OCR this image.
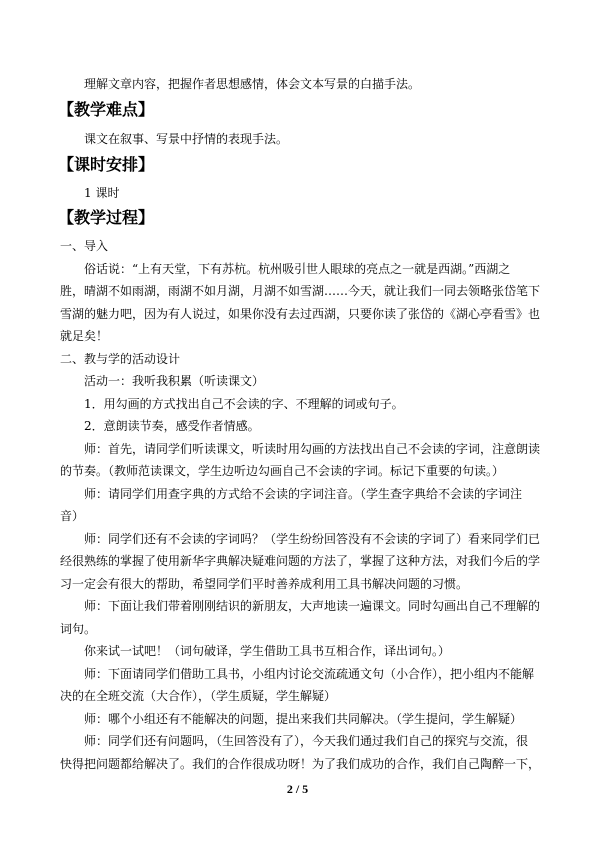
理解文章内容，把握作者思想感情，体会文本写景的白描手法。
【教学难点】
课文在叙事、写景中抒情的表现手法。
【课时安排】
1 课时
【教学过程】
一、导入
俗话说：“上有天堂，下有苏杭。杭州吸引世人眼球的亮点之一就是西湖。”西湖之
胜，晴湖不如雨湖，雨湖不如月湖，月湖不如雪湖……今天，就让我们一同去领略张岱笔下
雪湖的魅力吧，因为有人说过，如果你没有去过西湖，只要你读了张岱的《湖心亭看雪》也
就足矣！
二、教与学的活动设计
活动一：我听我积累（听读课文）
1．用勾画的方式找出自己不会读的字、不理解的词或句子。
2．意朗读节奏，感受作者情感。
师：首先，请同学们听读课文，听读时用勾画的方法找出自己不会读的字词，注意朗读
的节奏。（教师范读课文，学生边听边勾画自己不会读的字词。标记下重要的句读。）
师：请同学们用查字典的方式给不会读的字词注音。（学生查字典给不会读的字词注
音）
师：同学们还有不会读的字词吗？（学生纷纷回答没有不会读的字词了）看来同学们已
经很熟练的掌握了使用新华字典解决疑难问题的方法了，掌握了这种方法，对我们今后的学
习一定会有很大的帮助，希望同学们平时善养成利用工具书解决问题的习惯。
师：下面让我们带着刚刚结识的新朋友，大声地读一遍课文。同时勾画出自己不理解的
词句。
你来试一试吧！（词句破译，学生借助工具书互相合作，译出词句。）
师：下面请同学们借助工具书，小组内讨论交流疏通文句（小合作），把小组内不能解
决的在全班交流（大合作），（学生质疑，学生解疑）
师：哪个小组还有不能解决的问题，提出来我们共同解决。（学生提问，学生解疑）
师：同学们还有问题吗，（生回答没有了），今天我们通过我们自己的探究与交流，很
快得把问题都给解决了。我们的合作很成功呀！为了我们成功的合作，我们自己陶醉一下，
2 / 5
